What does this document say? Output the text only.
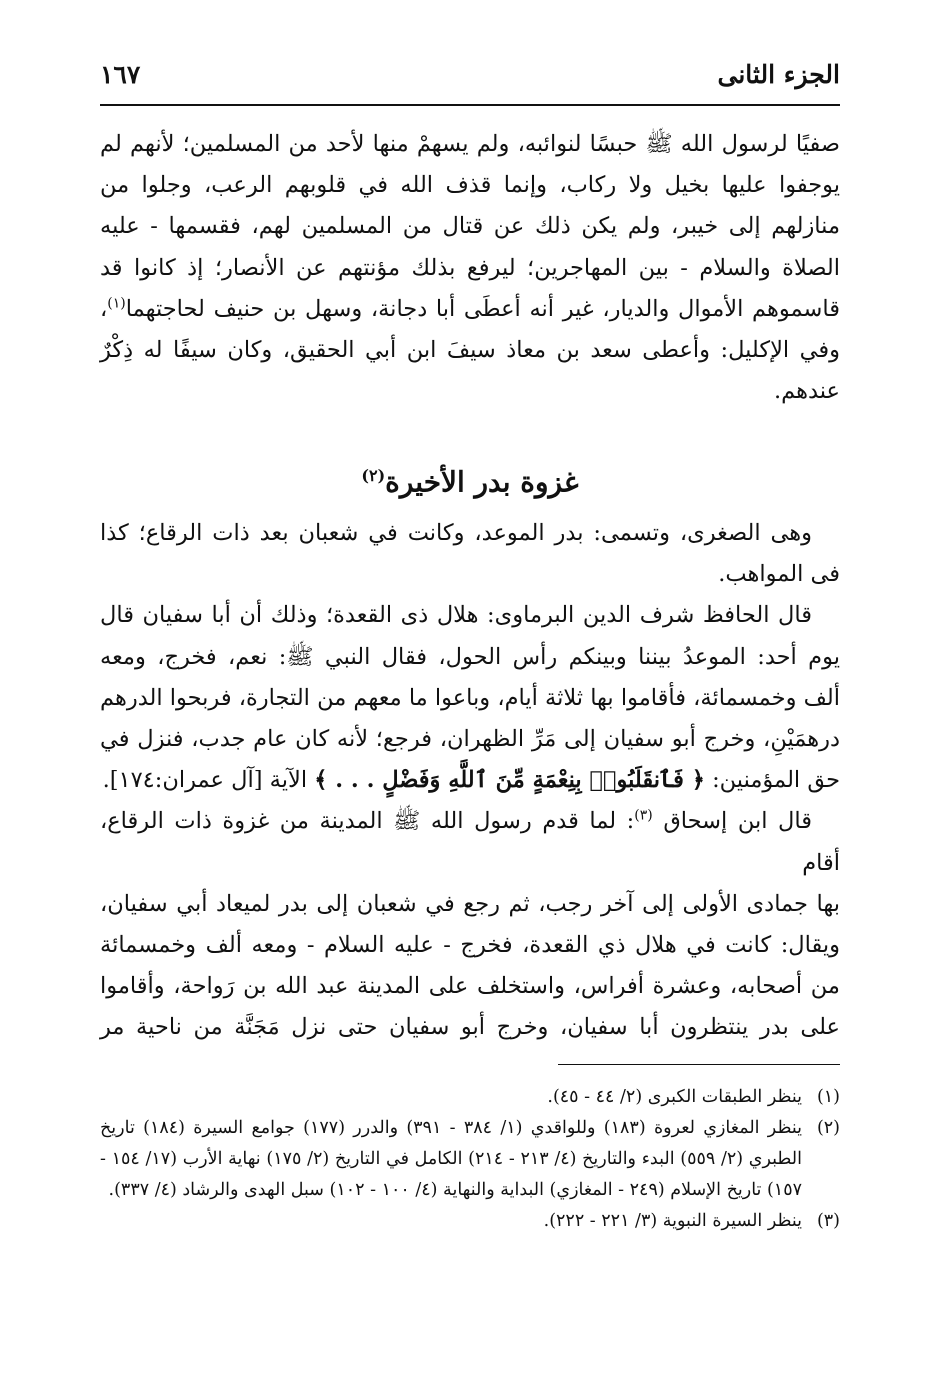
الجزء الثانى
١٦٧

صفيًا لرسول الله ﷺ حبسًا لنوائبه، ولم يسهمْ منها لأحد من المسلمين؛ لأنهم لم

يوجفوا عليها بخيل ولا ركاب، وإنما قذف الله في قلوبهم الرعب، وجلوا من

منازلهم إلى خيبر، ولم يكن ذلك عن قتال من المسلمين لهم، فقسمها - عليه

الصلاة والسلام - بين المهاجرين؛ ليرفع بذلك مؤنتهم عن الأنصار؛ إذ كانوا قد

قاسموهم الأموال والديار، غير أنه أعطَى أبا دجانة، وسهل بن حنيف لحاجتهما$^{(١)}$،

وفي الإكليل: وأعطى سعد بن معاذ سيفَ ابن أبي الحقيق، وكان سيفًا له ذِكْرٌ

عندهم.

غزوة بدر الأخيرة$^{(٢)}$

وهى الصغرى، وتسمى: بدر الموعد، وكانت في شعبان بعد ذات الرقاع؛ كذا

فى المواهب.

قال الحافظ شرف الدين البرماوى: هلال ذى القعدة؛ وذلك أن أبا سفيان قال

يوم أحد: الموعدُ بيننا وبينكم رأس الحول، فقال النبي ﷺ: نعم، فخرج، ومعه

ألف وخمسمائة، فأقاموا بها ثلاثة أيام، وباعوا ما معهم من التجارة، فربحوا الدرهم

درهمَيْنِ، وخرج أبو سفيان إلى مَرِّ الظهران، فرجع؛ لأنه كان عام جدب، فنزل في

حق المؤمنين: ﴿ فَٱنقَلَبُوا۟ بِنِعْمَةٍ مِّنَ ٱللَّهِ وَفَضْلٍ . . . ﴾ الآية [آل عمران:١٧٤].

قال ابن إسحاق $^{(٣)}$: لما قدم رسول الله ﷺ المدينة من غزوة ذات الرقاع، أقام

بها جمادى الأولى إلى آخر رجب، ثم رجع في شعبان إلى بدر لميعاد أبي سفيان،

ويقال: كانت في هلال ذي القعدة، فخرج - عليه السلام - ومعه ألف وخمسمائة

من أصحابه، وعشرة أفراس، واستخلف على المدينة عبد الله بن رَواحة، وأقاموا

على بدر ينتظرون أبا سفيان، وخرج أبو سفيان حتى نزل مَجَنَّة من ناحية مر

(١)
ينظر الطبقات الكبرى (٢/ ٤٤ - ٤٥).
(٢)
ينظر المغازي لعروة (١٨٣) وللواقدي (١/ ٣٨٤ - ٣٩١) والدرر (١٧٧) جوامع السيرة (١٨٤) تاريخ الطبري (٢/ ٥٥٩) البدء والتاريخ (٤/ ٢١٣ - ٢١٤) الكامل في التاريخ (٢/ ١٧٥) نهاية الأرب (١٧/ ١٥٤ - ١٥٧) تاريخ الإسلام (٢٤٩ - المغازي) البداية والنهاية (٤/ ١٠٠ - ١٠٢) سبل الهدى والرشاد (٤/ ٣٣٧).
(٣)
ينظر السيرة النبوية (٣/ ٢٢١ - ٢٢٢).
